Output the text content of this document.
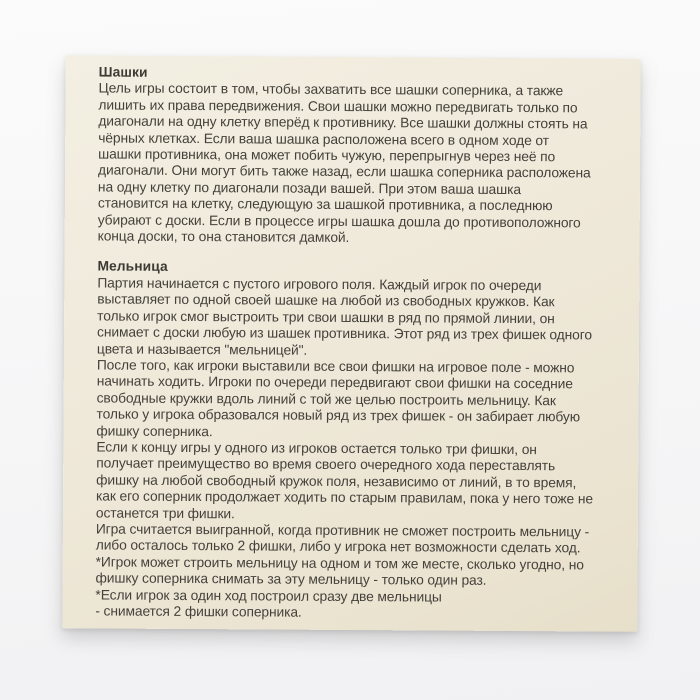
Шашки

Цель игры состоит в том, чтобы захватить все шашки соперника, а также
лишить их права передвижения. Свои шашки можно передвигать только по
диагонали на одну клетку вперёд к противнику. Все шашки должны стоять на
чёрных клетках. Если ваша шашка расположена всего в одном ходе от
шашки противника, она может побить чужую, перепрыгнув через неё по
диагонали. Они могут бить также назад, если шашка соперника расположена
на одну клетку по диагонали позади вашей. При этом ваша шашка
становится на клетку, следующую за шашкой противника, а последнюю
убирают с доски. Если в процессе игры шашка дошла до противоположного
конца доски, то она становится дамкой.

Мельница

Партия начинается с пустого игрового поля. Каждый игрок по очереди
выставляет по одной своей шашке на любой из свободных кружков. Как
только игрок смог выстроить три свои шашки в ряд по прямой линии, он
снимает с доски любую из шашек противника. Этот ряд из трех фишек одного
цвета и называется "мельницей".
После того, как игроки выставили все свои фишки на игровое поле - можно
начинать ходить. Игроки по очереди передвигают свои фишки на соседние
свободные кружки вдоль линий с той же целью построить мельницу. Как
только у игрока образовался новый ряд из трех фишек - он забирает любую
фишку соперника.
Если к концу игры у одного из игроков остается только три фишки, он
получает преимущество во время своего очередного хода переставлять
фишку на любой свободный кружок поля, независимо от линий, в то время,
как его соперник продолжает ходить по старым правилам, пока у него тоже не
останется три фишки.
Игра считается выигранной, когда противник не сможет построить мельницу -
либо осталось только 2 фишки, либо у игрока нет возможности сделать ход.
*Игрок может строить мельницу на одном и том же месте, сколько угодно, но
фишку соперника снимать за эту мельницу - только один раз.
*Если игрок за один ход построил сразу две мельницы
- снимается 2 фишки соперника.
